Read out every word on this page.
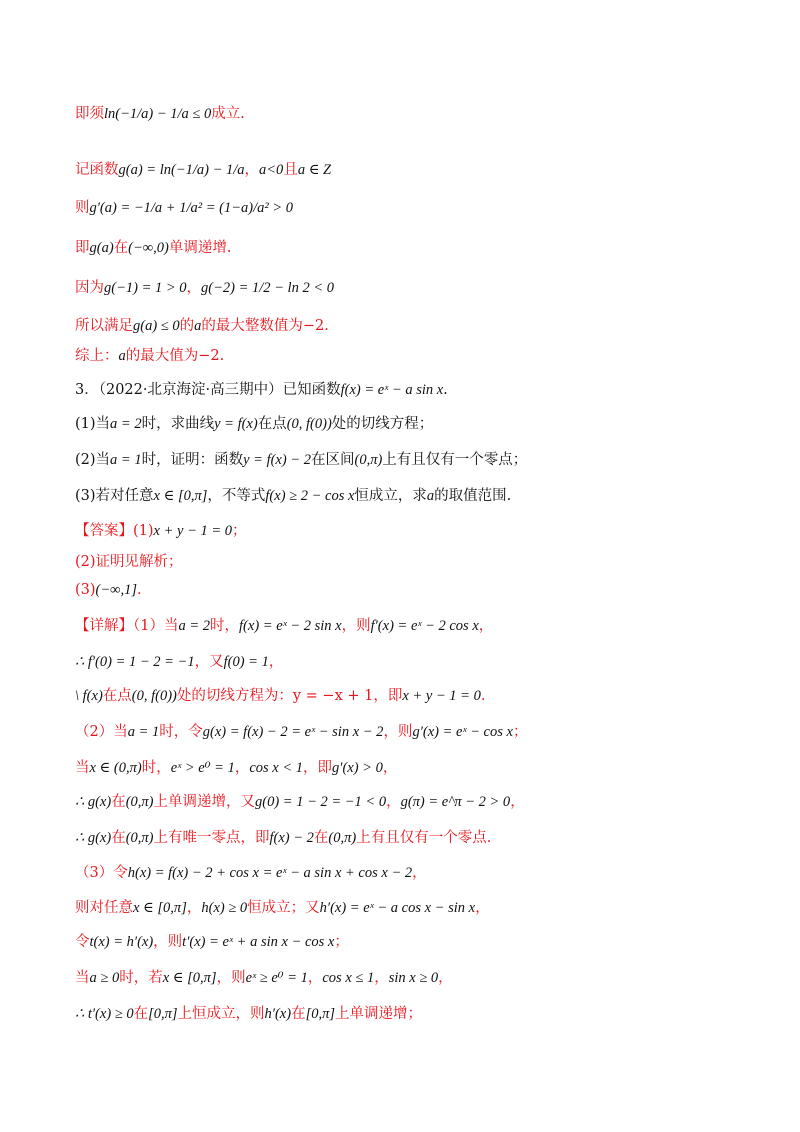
即须ln(−1/a) − 1/a ≤ 0成立.
记函数g(a) = ln(−1/a) − 1/a，a<0且a ∈ Z
则g′(a) = −1/a + 1/a² = (1−a)/a² > 0
即g(a)在(−∞,0)单调递增.
因为g(−1) = 1 > 0，g(−2) = 1/2 − ln 2 < 0
所以满足g(a) ≤ 0的a的最大整数值为−2.
综上：a的最大值为−2.
3．（2022·北京海淀·高三期中）已知函数f(x) = eˣ − a sin x.
(1)当a = 2时，求曲线y = f(x)在点(0, f(0))处的切线方程；
(2)当a = 1时，证明：函数y = f(x) − 2在区间(0,π)上有且仅有一个零点；
(3)若对任意x ∈ [0,π]，不等式f(x) ≥ 2 − cos x恒成立，求a的取值范围.
【答案】(1)x + y − 1 = 0；
(2)证明见解析；
(3)(−∞,1].
【详解】（1）当a = 2时，f(x) = eˣ − 2 sin x，则f′(x) = eˣ − 2 cos x，
∴ f′(0) = 1 − 2 = −1，又f(0) = 1，
\ f(x)在点(0, f(0))处的切线方程为：y = −x + 1，即x + y − 1 = 0.
（2）当a = 1时，令g(x) = f(x) − 2 = eˣ − sin x − 2，则g′(x) = eˣ − cos x；
当x ∈ (0,π)时，eˣ > e⁰ = 1，cos x < 1，即g′(x) > 0，
∴ g(x)在(0,π)上单调递增，又g(0) = 1 − 2 = −1 < 0，g(π) = e^π − 2 > 0，
∴ g(x)在(0,π)上有唯一零点，即f(x) − 2在(0,π)上有且仅有一个零点.
（3）令h(x) = f(x) − 2 + cos x = eˣ − a sin x + cos x − 2，
则对任意x ∈ [0,π]，h(x) ≥ 0恒成立；又h′(x) = eˣ − a cos x − sin x，
令t(x) = h′(x)，则t′(x) = eˣ + a sin x − cos x；
当a ≥ 0时，若x ∈ [0,π]，则eˣ ≥ e⁰ = 1，cos x ≤ 1，sin x ≥ 0，
∴ t′(x) ≥ 0在[0,π]上恒成立，则h′(x)在[0,π]上单调递增；
